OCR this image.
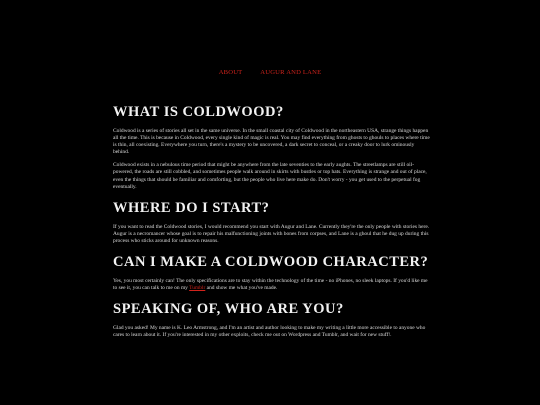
ABOUT	AUGUR AND LANE
WHAT IS COLDWOOD?

Coldwood is a series of stories all set in the same universe. In the small coastal city of Coldwood in the northeastern USA, strange things happen all the time. This is because in Coldwood, every single kind of magic is real. You may find everything from ghosts to ghouls to places where time is thin, all coexisting. Everywhere you turn, there's a mystery to be uncovered, a dark secret to conceal, or a creaky door to lurk ominously behind.

Coldwood exists in a nebulous time period that might be anywhere from the late seventies to the early aughts. The streetlamps are still oil-powered, the roads are still cobbled, and sometimes people walk around in skirts with bustles or top hats. Everything is strange and out of place, even the things that should be familiar and comforting, but the people who live here make do. Don't worry - you get used to the perpetual fog eventually.

WHERE DO I START?

If you want to read the Coldwood stories, I would recommend you start with Augur and Lane. Currently they're the only people with stories here. Augur is a necromancer whose goal is to repair his malfunctioning joints with bones from corpses, and Lane is a ghoul that he dug up during this process who sticks around for unknown reasons.

CAN I MAKE A COLDWOOD CHARACTER?

Yes, you most certainly can! The only specifications are to stay within the technology of the time - no iPhones, no sleek laptops. If you'd like me to see it, you can talk to me on my Tumblr and show me what you've made.

SPEAKING OF, WHO ARE YOU?

Glad you asked! My name is K. Leo Armstrong, and I'm an artist and author looking to make my writing a little more accessible to anyone who cares to learn about it. If you're interested in my other exploits, check me out on Wordpress and Tumblr, and wait for new stuff!.
